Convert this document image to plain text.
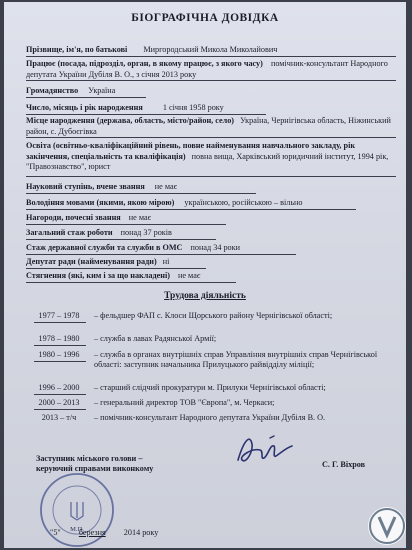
БІОГРАФІЧНА ДОВІДКА
Прізвище, ім'я, по батькові Миргородський Микола Миколайович
Пpaцює (посада, підрозділ, орган, в якому працює, з якого часу) помічник-консультант Народного депутата України Дубіля В. О., з січня 2013 року
Громадянство Україна
Число, місяць і рік народження 1 січня 1958 року
Місце народження (держава, область, місто/район, село) Україна, Чернігівська область, Ніжинський район, с. Дубоєгівка
Освіта (освітньо-кваліфікаційний рівень, повне найменування навчального закладу, рік закінчення, спеціальність та кваліфікація) повна вища, Харківський юридичний інститут, 1994 рік, "Правознавство", юрист
Науковий ступінь, вчене звання не має
Володіння мовами (якими, якою мірою) українською, російською – вільно
Нагороди, почесні звання не має
Загальний стаж роботи понад 37 років
Стаж державної служби та служби в ОМС понад 34 роки
Депутат ради (найменування ради) ні
Стягнення (які, ким і за що накладені) не має
Трудова діяльність
1977 – 1978	– фельдшер ФАП с. Клоси Щорського району Чернігівської області;
1978 – 1980	– служба в лавах Радянської Армії;
1980 – 1996	– служба в органах внутрішніх справ Управління внутрішніх справ Чернігівської області: заступник начальника Прилуцького райвідділу міліції;
1996 – 2000	– старший слідчий прокуратури м. Прилуки Чернігівської області;
2000 – 2013	– генеральний директор ТОВ "Європа", м. Черкаси;
2013 – т/ч	– помічник-консультант Народного депутата України Дубіля В. О.
Заступник міського голови –
керуючий справами виконкому	С. Г. Віхров
М.П.
"5" березня 2014 року
